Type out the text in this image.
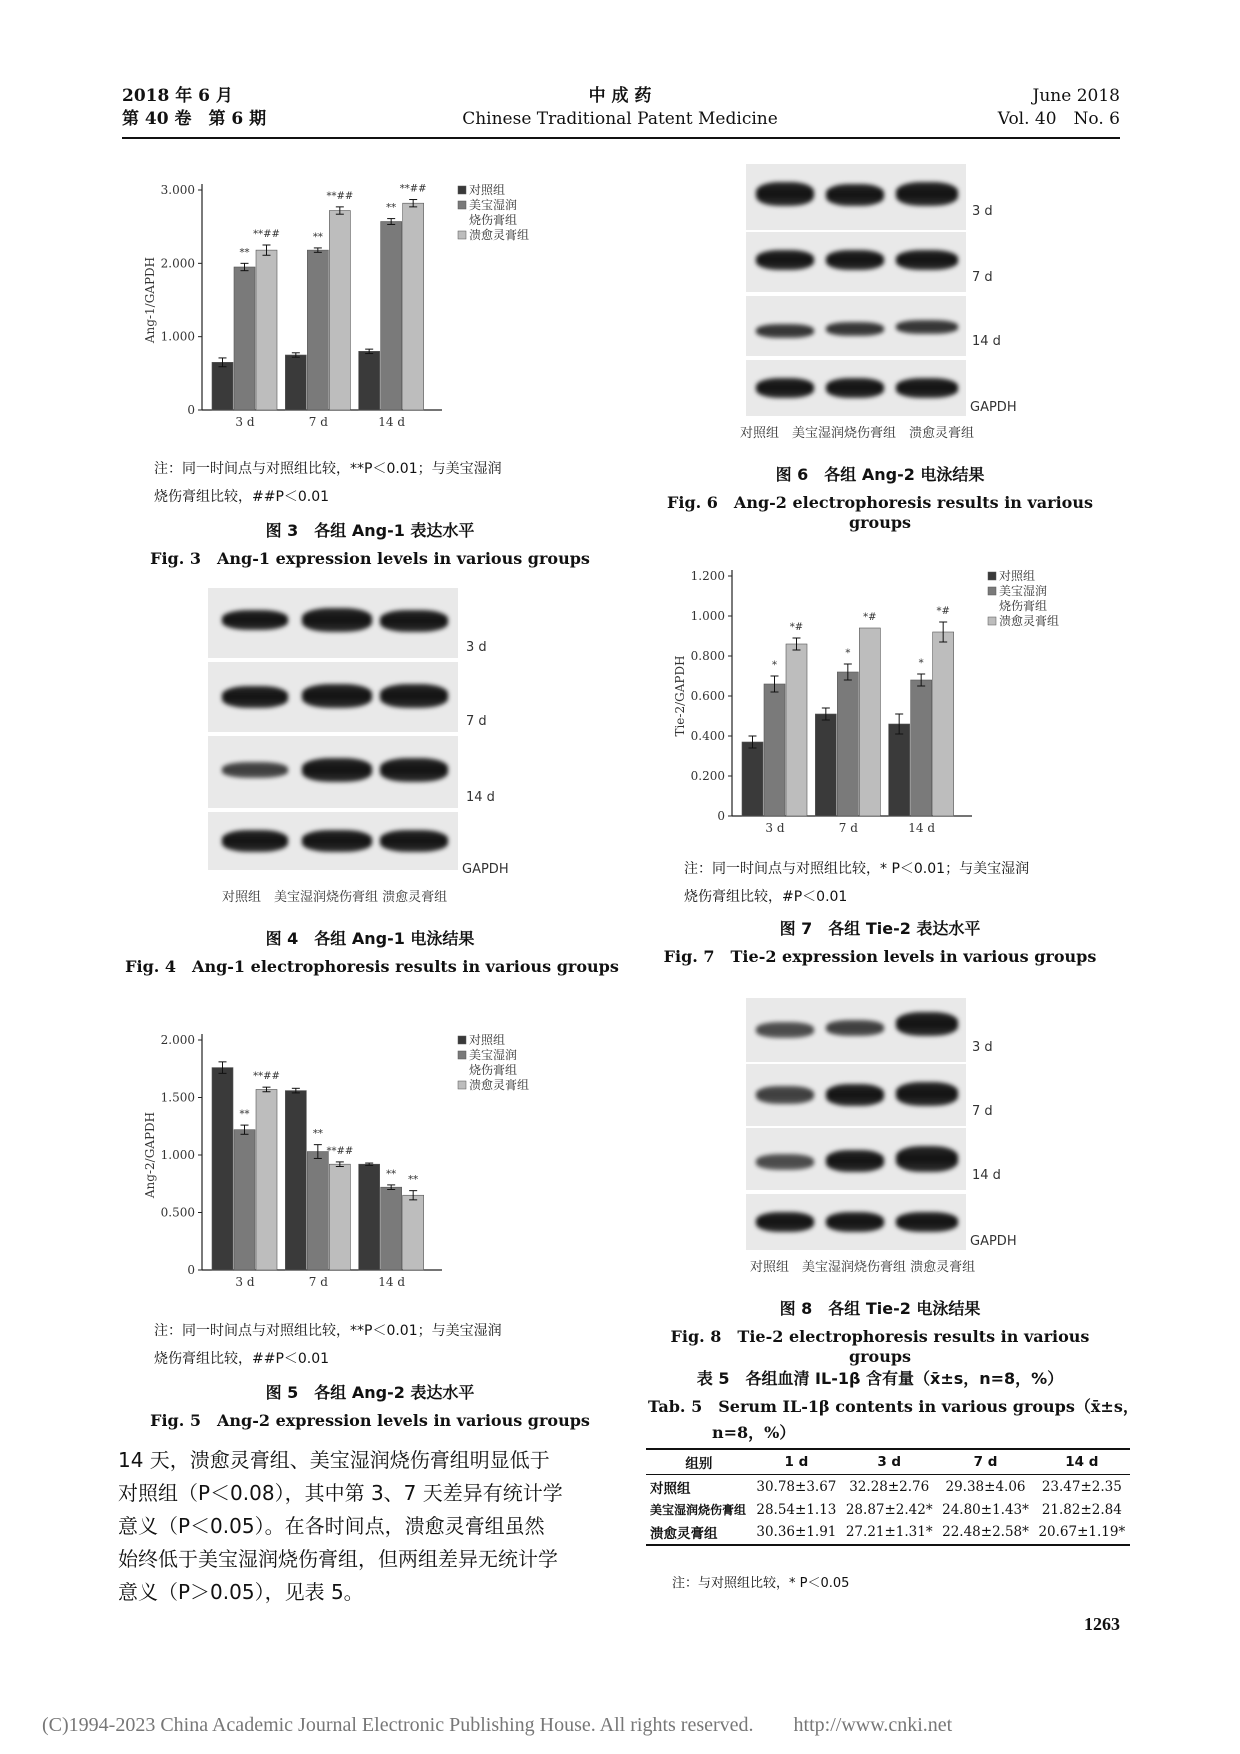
2018 年 6 月
第 40 卷　第 6 期
中 成 药
Chinese Traditional Patent Medicine
June 2018
Vol. 40　No. 6
0
1.000
2.000
3.000
Ang-1/GAPDH
**
**##
3 d
**
**##
7 d
**
**##
14 d
对照组
美宝湿润
烧伤膏组
溃愈灵膏组
注：同一时间点与对照组比较，**P＜0.01；与美宝湿润
烧伤膏组比较，##P＜0.01
图 3　各组 Ang-1 表达水平
Fig. 3　Ang-1 expression levels in various groups
3 d
7 d
14 d
GAPDH
对照组　美宝湿润烧伤膏组 溃愈灵膏组
图 4　各组 Ang-1 电泳结果
Fig. 4　Ang-1 electrophoresis results in various groups
0
0.500
1.000
1.500
2.000
Ang-2/GAPDH	**
**##
3 d
**
**##
7 d
**
**
14 d
对照组
美宝湿润
烧伤膏组
溃愈灵膏组
注：同一时间点与对照组比较，**P＜0.01；与美宝湿润
烧伤膏组比较，##P＜0.01
图 5　各组 Ang-2 表达水平
Fig. 5　Ang-2 expression levels in various groups
14 天，溃愈灵膏组、美宝湿润烧伤膏组明显低于
对照组（P＜0.08），其中第 3、7 天差异有统计学
意义（P＜0.05）。在各时间点，溃愈灵膏组虽然
始终低于美宝湿润烧伤膏组，但两组差异无统计学
意义（P＞0.05），见表 5。
3 d
7 d
14 d
GAPDH
对照组　美宝湿润烧伤膏组　溃愈灵膏组
图 6　各组 Ang-2 电泳结果
Fig. 6　Ang-2 electrophoresis results in various groups
0
0.200
0.400
0.600
0.800
1.000
1.200
Tie-2/GAPDH	*
*#
3 d
*
*#
7 d
*
*#
14 d
对照组
美宝湿润
烧伤膏组
溃愈灵膏组
注：同一时间点与对照组比较，* P＜0.01；与美宝湿润
烧伤膏组比较，#P＜0.01
图 7　各组 Tie-2 表达水平
Fig. 7　Tie-2 expression levels in various groups
3 d
7 d
14 d
GAPDH
对照组　美宝湿润烧伤膏组 溃愈灵膏组
图 8　各组 Tie-2 电泳结果
Fig. 8　Tie-2 electrophoresis results in various groups
表 5　各组血清 IL-1β 含有量（x̄±s，n=8，%）
Tab. 5　Serum IL-1β contents in various groups（x̄±s，
n=8，%）
组别	1 d	3 d	7 d	14 d
对照组	30.78±3.67	32.28±2.76	29.38±4.06	23.47±2.35
美宝湿润烧伤膏组	28.54±1.13	28.87±2.42*	24.80±1.43*	21.82±2.84
溃愈灵膏组	30.36±1.91	27.21±1.31*	22.48±2.58*	20.67±1.19*
注：与对照组比较，* P＜0.05
1263
(C)1994-2023 China Academic Journal Electronic Publishing House. All rights reserved.　　http://www.cnki.net
